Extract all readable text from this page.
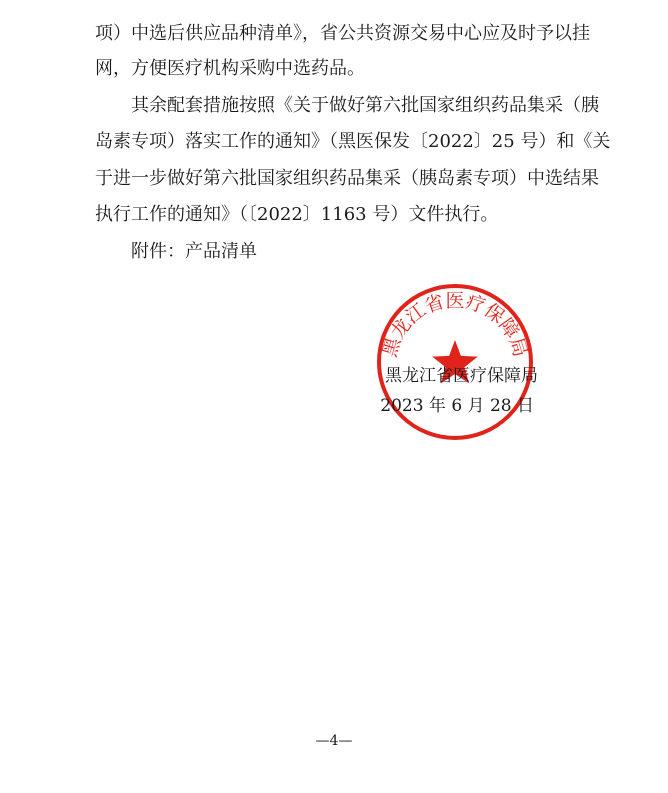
项）中选后供应品种清单》，省公共资源交易中心应及时予以挂
网，方便医疗机构采购中选药品。
其余配套措施按照《关于做好第六批国家组织药品集采（胰
岛素专项）落实工作的通知》（黑医保发〔2022〕25 号）和《关
于进一步做好第六批国家组织药品集采（胰岛素专项）中选结果
执行工作的通知》（〔2022〕1163 号）文件执行。
附件：产品清单
黑龙江省医疗保障局
黑龙江省医疗保障局
2023 年 6 月 28 日
—4—
